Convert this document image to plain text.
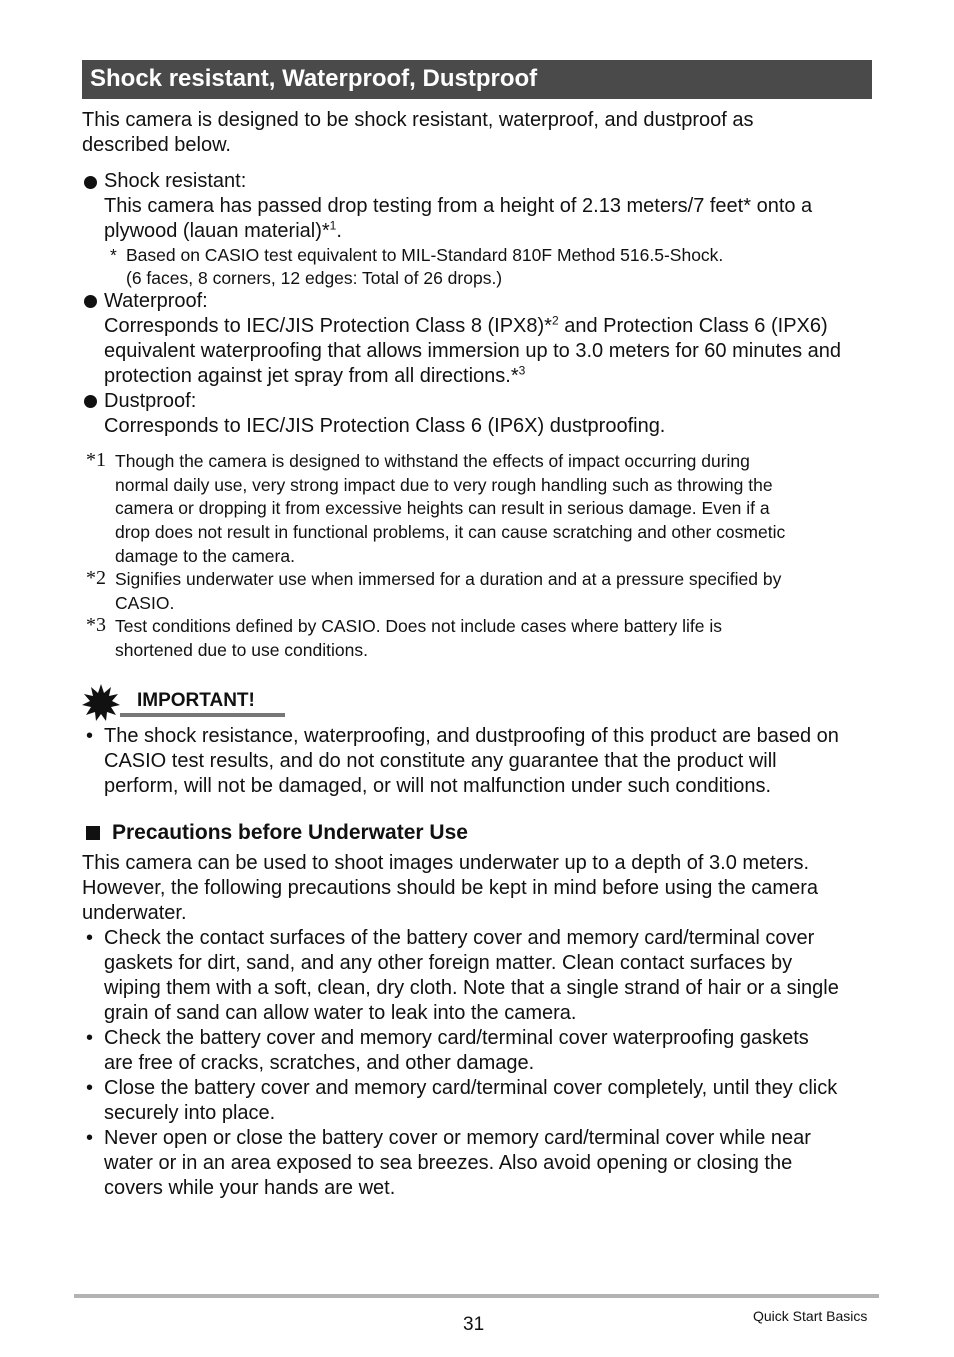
Shock resistant, Waterproof, Dustproof
This camera is designed to be shock resistant, waterproof, and dustproof as
described below.
Shock resistant:
This camera has passed drop testing from a height of 2.13 meters/7 feet* onto a
plywood (lauan material)*$^1$.
* Based on CASIO test equivalent to MIL-Standard 810F Method 516.5-Shock.
(6 faces, 8 corners, 12 edges: Total of 26 drops.)
Waterproof:
Corresponds to IEC/JIS Protection Class 8 (IPX8)*$^2$ and Protection Class 6 (IPX6)
equivalent waterproofing that allows immersion up to 3.0 meters for 60 minutes and
protection against jet spray from all directions.*$^3$
Dustproof:
Corresponds to IEC/JIS Protection Class 6 (IP6X) dustproofing.
*1 Though the camera is designed to withstand the effects of impact occurring during
normal daily use, very strong impact due to very rough handling such as throwing the
camera or dropping it from excessive heights can result in serious damage. Even if a
drop does not result in functional problems, it can cause scratching and other cosmetic
damage to the camera.
*2 Signifies underwater use when immersed for a duration and at a pressure specified by
CASIO.
*3 Test conditions defined by CASIO. Does not include cases where battery life is
shortened due to use conditions.
IMPORTANT!
• The shock resistance, waterproofing, and dustproofing of this product are based on
CASIO test results, and do not constitute any guarantee that the product will
perform, will not be damaged, or will not malfunction under such conditions.
Precautions before Underwater Use
This camera can be used to shoot images underwater up to a depth of 3.0 meters.
However, the following precautions should be kept in mind before using the camera
underwater.
• Check the contact surfaces of the battery cover and memory card/terminal cover
gaskets for dirt, sand, and any other foreign matter. Clean contact surfaces by
wiping them with a soft, clean, dry cloth. Note that a single strand of hair or a single
grain of sand can allow water to leak into the camera.
• Check the battery cover and memory card/terminal cover waterproofing gaskets
are free of cracks, scratches, and other damage.
• Close the battery cover and memory card/terminal cover completely, until they click
securely into place.
• Never open or close the battery cover or memory card/terminal cover while near
water or in an area exposed to sea breezes. Also avoid opening or closing the
covers while your hands are wet.
31	Quick Start Basics
